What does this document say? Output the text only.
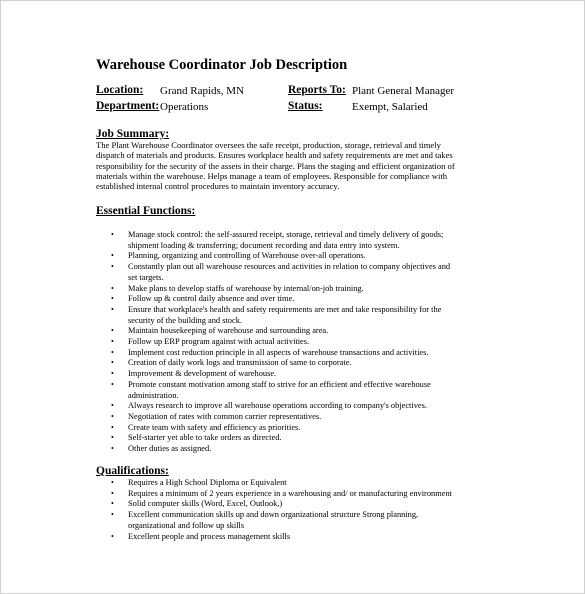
Warehouse Coordinator Job Description
Location: Grand Rapids, MN	Reports To: Plant General Manager
Department: Operations	Status:	Exempt, Salaried
Job Summary:
The Plant Warehouse Coordinator oversees the safe receipt, production, storage, retrieval and timely
dispatch of materials and products. Ensures workplace health and safety requirements are met and takes
responsibility for the security of the assets in their charge. Plans the staging and efficient organization of
materials within the warehouse. Helps manage a team of employees. Responsible for compliance with
established internal control procedures to maintain inventory accuracy.
Essential Functions:
• Manage stock control: the self-assured receipt, storage, retrieval and timely delivery of goods;
shipment loading & transferring; document recording and data entry into system.
• Planning, organizing and controlling of Warehouse over-all operations.
• Constantly plan out all warehouse resources and activities in relation to company objectives and
set targets.
• Make plans to develop staffs of warehouse by internal/on-job training.
• Follow up & control daily absence and over time.
• Ensure that workplace's health and safety requirements are met and take responsibility for the
security of the building and stock.
• Maintain housekeeping of warehouse and surrounding area.
• Follow up ERP program against with actual activities.
• Implement cost reduction principle in all aspects of warehouse transactions and activities.
• Creation of daily work logs and transmission of same to corporate.
• Improvement & development of warehouse.
• Promote constant motivation among staff to strive for an efficient and effective warehouse
administration.
• Always research to improve all warehouse operations according to company's objectives.
• Negotiation of rates with common carrier representatives.
• Create team with safety and efficiency as priorities.
• Self-starter yet able to take orders as directed.
• Other duties as assigned.
Qualifications:
• Requires a High School Diploma or Equivalent
• Requires a minimum of 2 years experience in a warehousing and/ or manufacturing environment
• Solid computer skills (Word, Excel, Outlook,)
• Excellent communication skills up and down organizational structure Strong planning,
organizational and follow up skills
• Excellent people and process management skills
